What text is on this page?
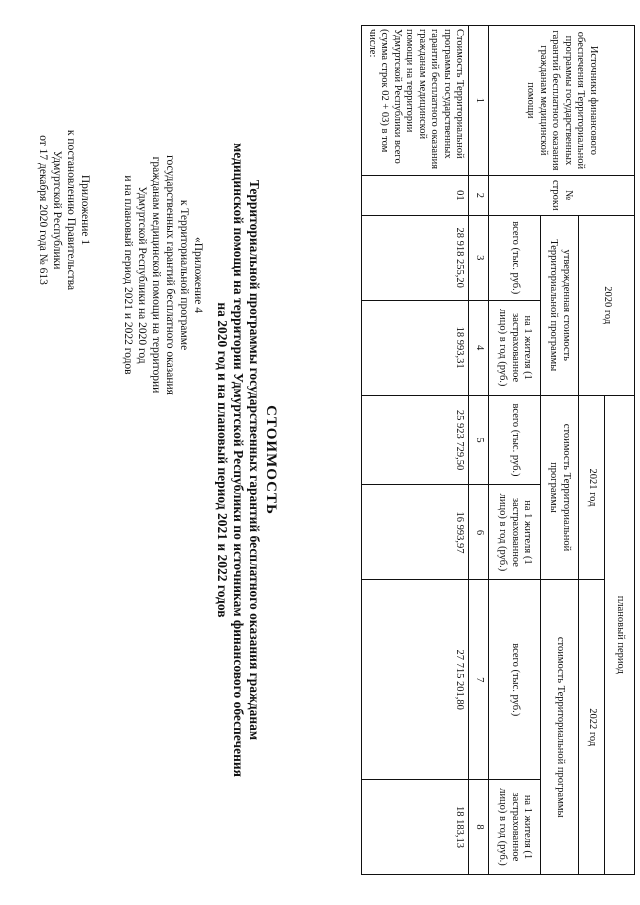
Приложение 1
к постановлению Правительства
Удмуртской Республики
от 17 декабря 2020 года № 613	«Приложение 4
к Территориальной программе
государственных гарантий бесплатного оказания
гражданам медицинской помощи на территории
Удмуртской Республики на 2020 год
и на плановый период 2021 и 2022 годов
СТОИМОСТЬ
Территориальной программы государственных гарантий бесплатного оказания гражданам
медицинской помощи на территории Удмуртской Республики по источникам финансового обеспечения
на 2020 год и на плановый период 2021 и 2022 годов
Источники финансового обеспечения Территориальной программы государственных гарантий бесплатного оказания гражданам медицинской помощи	№ строки	2020 год		плановый период			
				2021 год		2022 год	
		утвержденная стоимость Территориальной программы		стоимость Территориальной программы		стоимость Территориальной программы	
		всего (тыс. руб.)	на 1 жителя (1 застрахованное лицо) в год (руб.)	всего (тыс. руб.)	на 1 жителя (1 застрахованное лицо) в год (руб.)	всего (тыс. руб.)	на 1 жителя (1 застрахованное лицо) в год (руб.)
1	2	3	4	5	6	7	8
Стоимость Территориальной программы государственных гарантий бесплатного оказания гражданам медицинской помощи на территории Удмуртской Республики всего (сумма строк 02 + 03) в том числе:	01	28 918 255,20	18 993,31	25 923 729,50	16 993,97	27 715 201,80	18 183,13
